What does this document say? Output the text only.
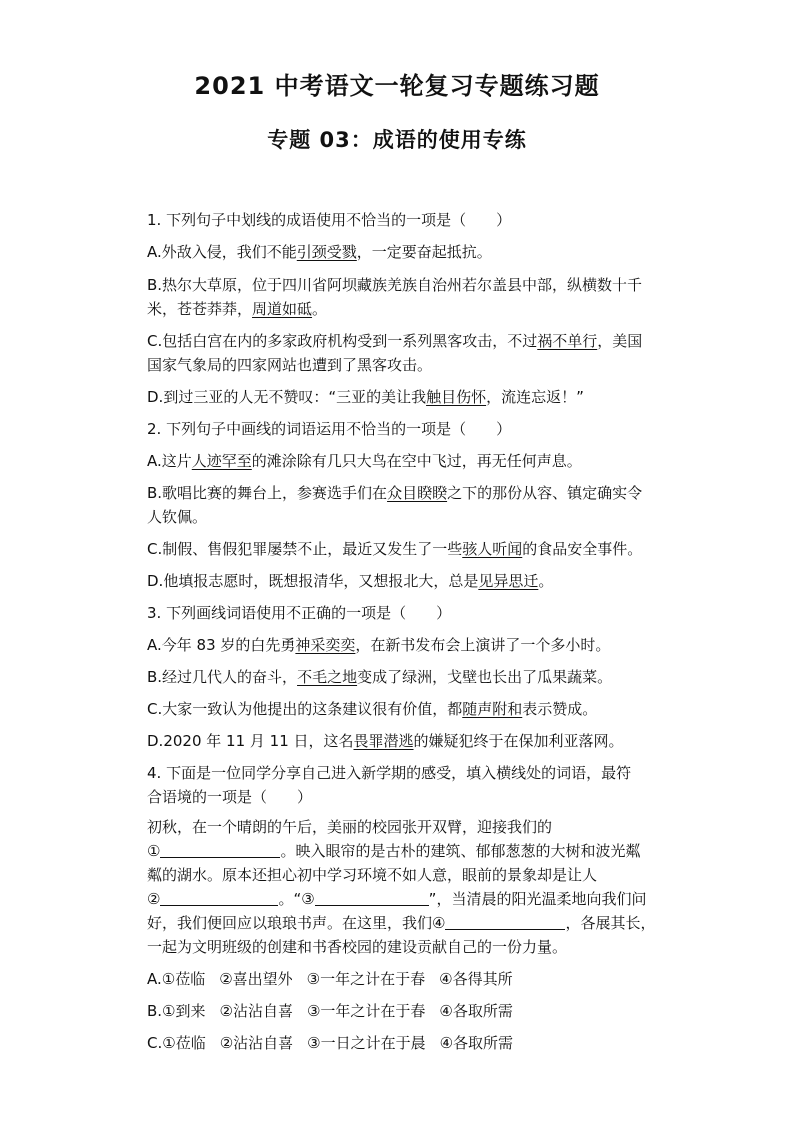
2021 中考语文一轮复习专题练习题
专题 03：成语的使用专练
1. 下列句子中划线的成语使用不恰当的一项是（　　）
A.外敌入侵，我们不能引颈受戮，一定要奋起抵抗。
B.热尔大草原，位于四川省阿坝藏族羌族自治州若尔盖县中部，纵横数十千
米，苍苍莽莽，周道如砥。
C.包括白宫在内的多家政府机构受到一系列黑客攻击，不过祸不单行，美国
国家气象局的四家网站也遭到了黑客攻击。
D.到过三亚的人无不赞叹：“三亚的美让我触目伤怀，流连忘返！”
2. 下列句子中画线的词语运用不恰当的一项是（　　）
A.这片人迹罕至的滩涂除有几只大鸟在空中飞过，再无任何声息。
B.歌唱比赛的舞台上，参赛选手们在众目睽睽之下的那份从容、镇定确实令
人钦佩。
C.制假、售假犯罪屡禁不止，最近又发生了一些骇人听闻的食品安全事件。
D.他填报志愿时，既想报清华，又想报北大，总是见异思迁。
3. 下列画线词语使用不正确的一项是（　　）
A.今年 83 岁的白先勇神采奕奕，在新书发布会上演讲了一个多小时。
B.经过几代人的奋斗，不毛之地变成了绿洲，戈壁也长出了瓜果蔬菜。
C.大家一致认为他提出的这条建议很有价值，都随声附和表示赞成。
D.2020 年 11 月 11 日，这名畏罪潜逃的嫌疑犯终于在保加利亚落网。
4. 下面是一位同学分享自己进入新学期的感受，填入横线处的词语，最符
合语境的一项是（　　）
初秋，在一个晴朗的午后，美丽的校园张开双臂，迎接我们的
①	。映入眼帘的是古朴的建筑、郁郁葱葱的大树和波光粼
粼的湖水。原本还担心初中学习环境不如人意，眼前的景象却是让人
②	。“③	”，当清晨的阳光温柔地向我们问
好，我们便回应以琅琅书声。在这里，我们④	，各展其长，
一起为文明班级的创建和书香校园的建设贡献自己的一份力量。
A.①莅临 ②喜出望外 ③一年之计在于春 ④各得其所
B.①到来 ②沾沾自喜 ③一年之计在于春 ④各取所需
C.①莅临 ②沾沾自喜 ③一日之计在于晨 ④各取所需
